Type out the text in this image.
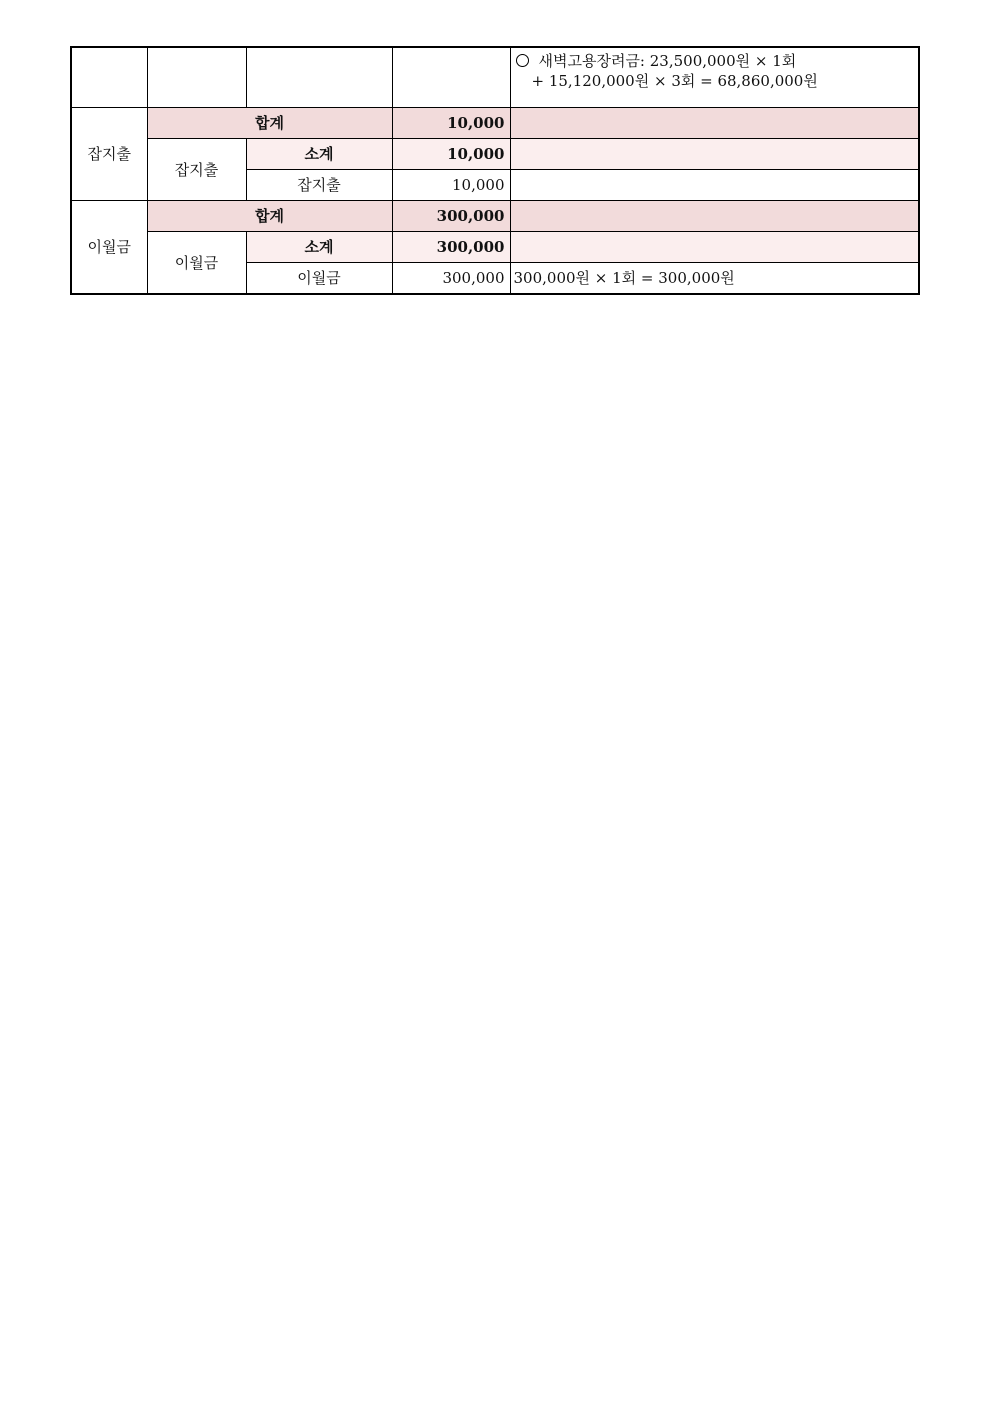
				새벽고용장려금: 23,500,000원 × 1회
+ 15,120,000원 × 3회 = 68,860,000원

잡지출	합계		10,000	
	잡지출	소계	10,000	
		잡지출	10,000	
이월금	합계		300,000	
	이월금	소계	300,000	
		이월금	300,000	300,000원 × 1회 = 300,000원
